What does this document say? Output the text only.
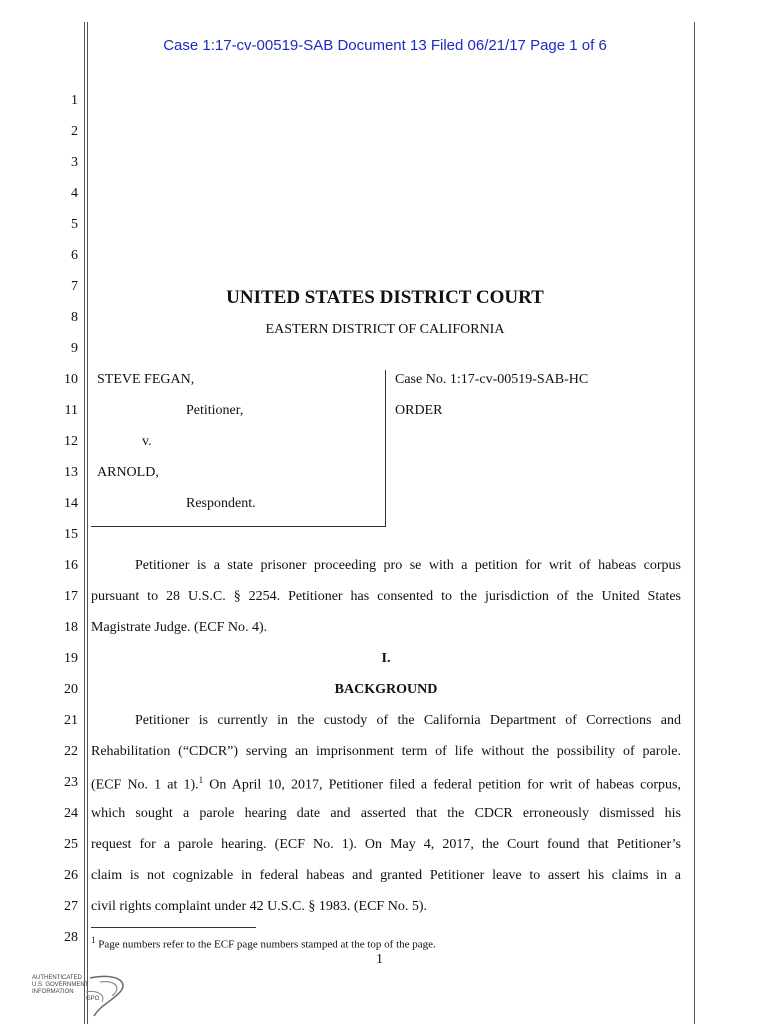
Case 1:17-cv-00519-SAB Document 13 Filed 06/21/17 Page 1 of 6
1
2
3
4
5
6
7
8
9
10
11
12
13
14
15
16
17
18
19
20
21
22
23
24
25
26
27
28
UNITED STATES DISTRICT COURT
EASTERN DISTRICT OF CALIFORNIA
STEVE FEGAN,
Petitioner,
v.
ARNOLD,
Respondent.
Case No. 1:17-cv-00519-SAB-HC
ORDER
Petitioner is a state prisoner proceeding pro se with a petition for writ of habeas corpus
pursuant to 28 U.S.C. § 2254. Petitioner has consented to the jurisdiction of the United States
Magistrate Judge. (ECF No. 4).
I.
BACKGROUND
Petitioner is currently in the custody of the California Department of Corrections and
Rehabilitation (“CDCR”) serving an imprisonment term of life without the possibility of parole.
(ECF No. 1 at 1).$^1$ On April 10, 2017, Petitioner filed a federal petition for writ of habeas corpus,
which sought a parole hearing date and asserted that the CDCR erroneously dismissed his
request for a parole hearing. (ECF No. 1). On May 4, 2017, the Court found that Petitioner’s
claim is not cognizable in federal habeas and granted Petitioner leave to assert his claims in a
civil rights complaint under 42 U.S.C. § 1983. (ECF No. 5).
$^1$ Page numbers refer to the ECF page numbers stamped at the top of the page.
1
AUTHENTICATED
U.S. GOVERNMENT
INFORMATION
GPO
